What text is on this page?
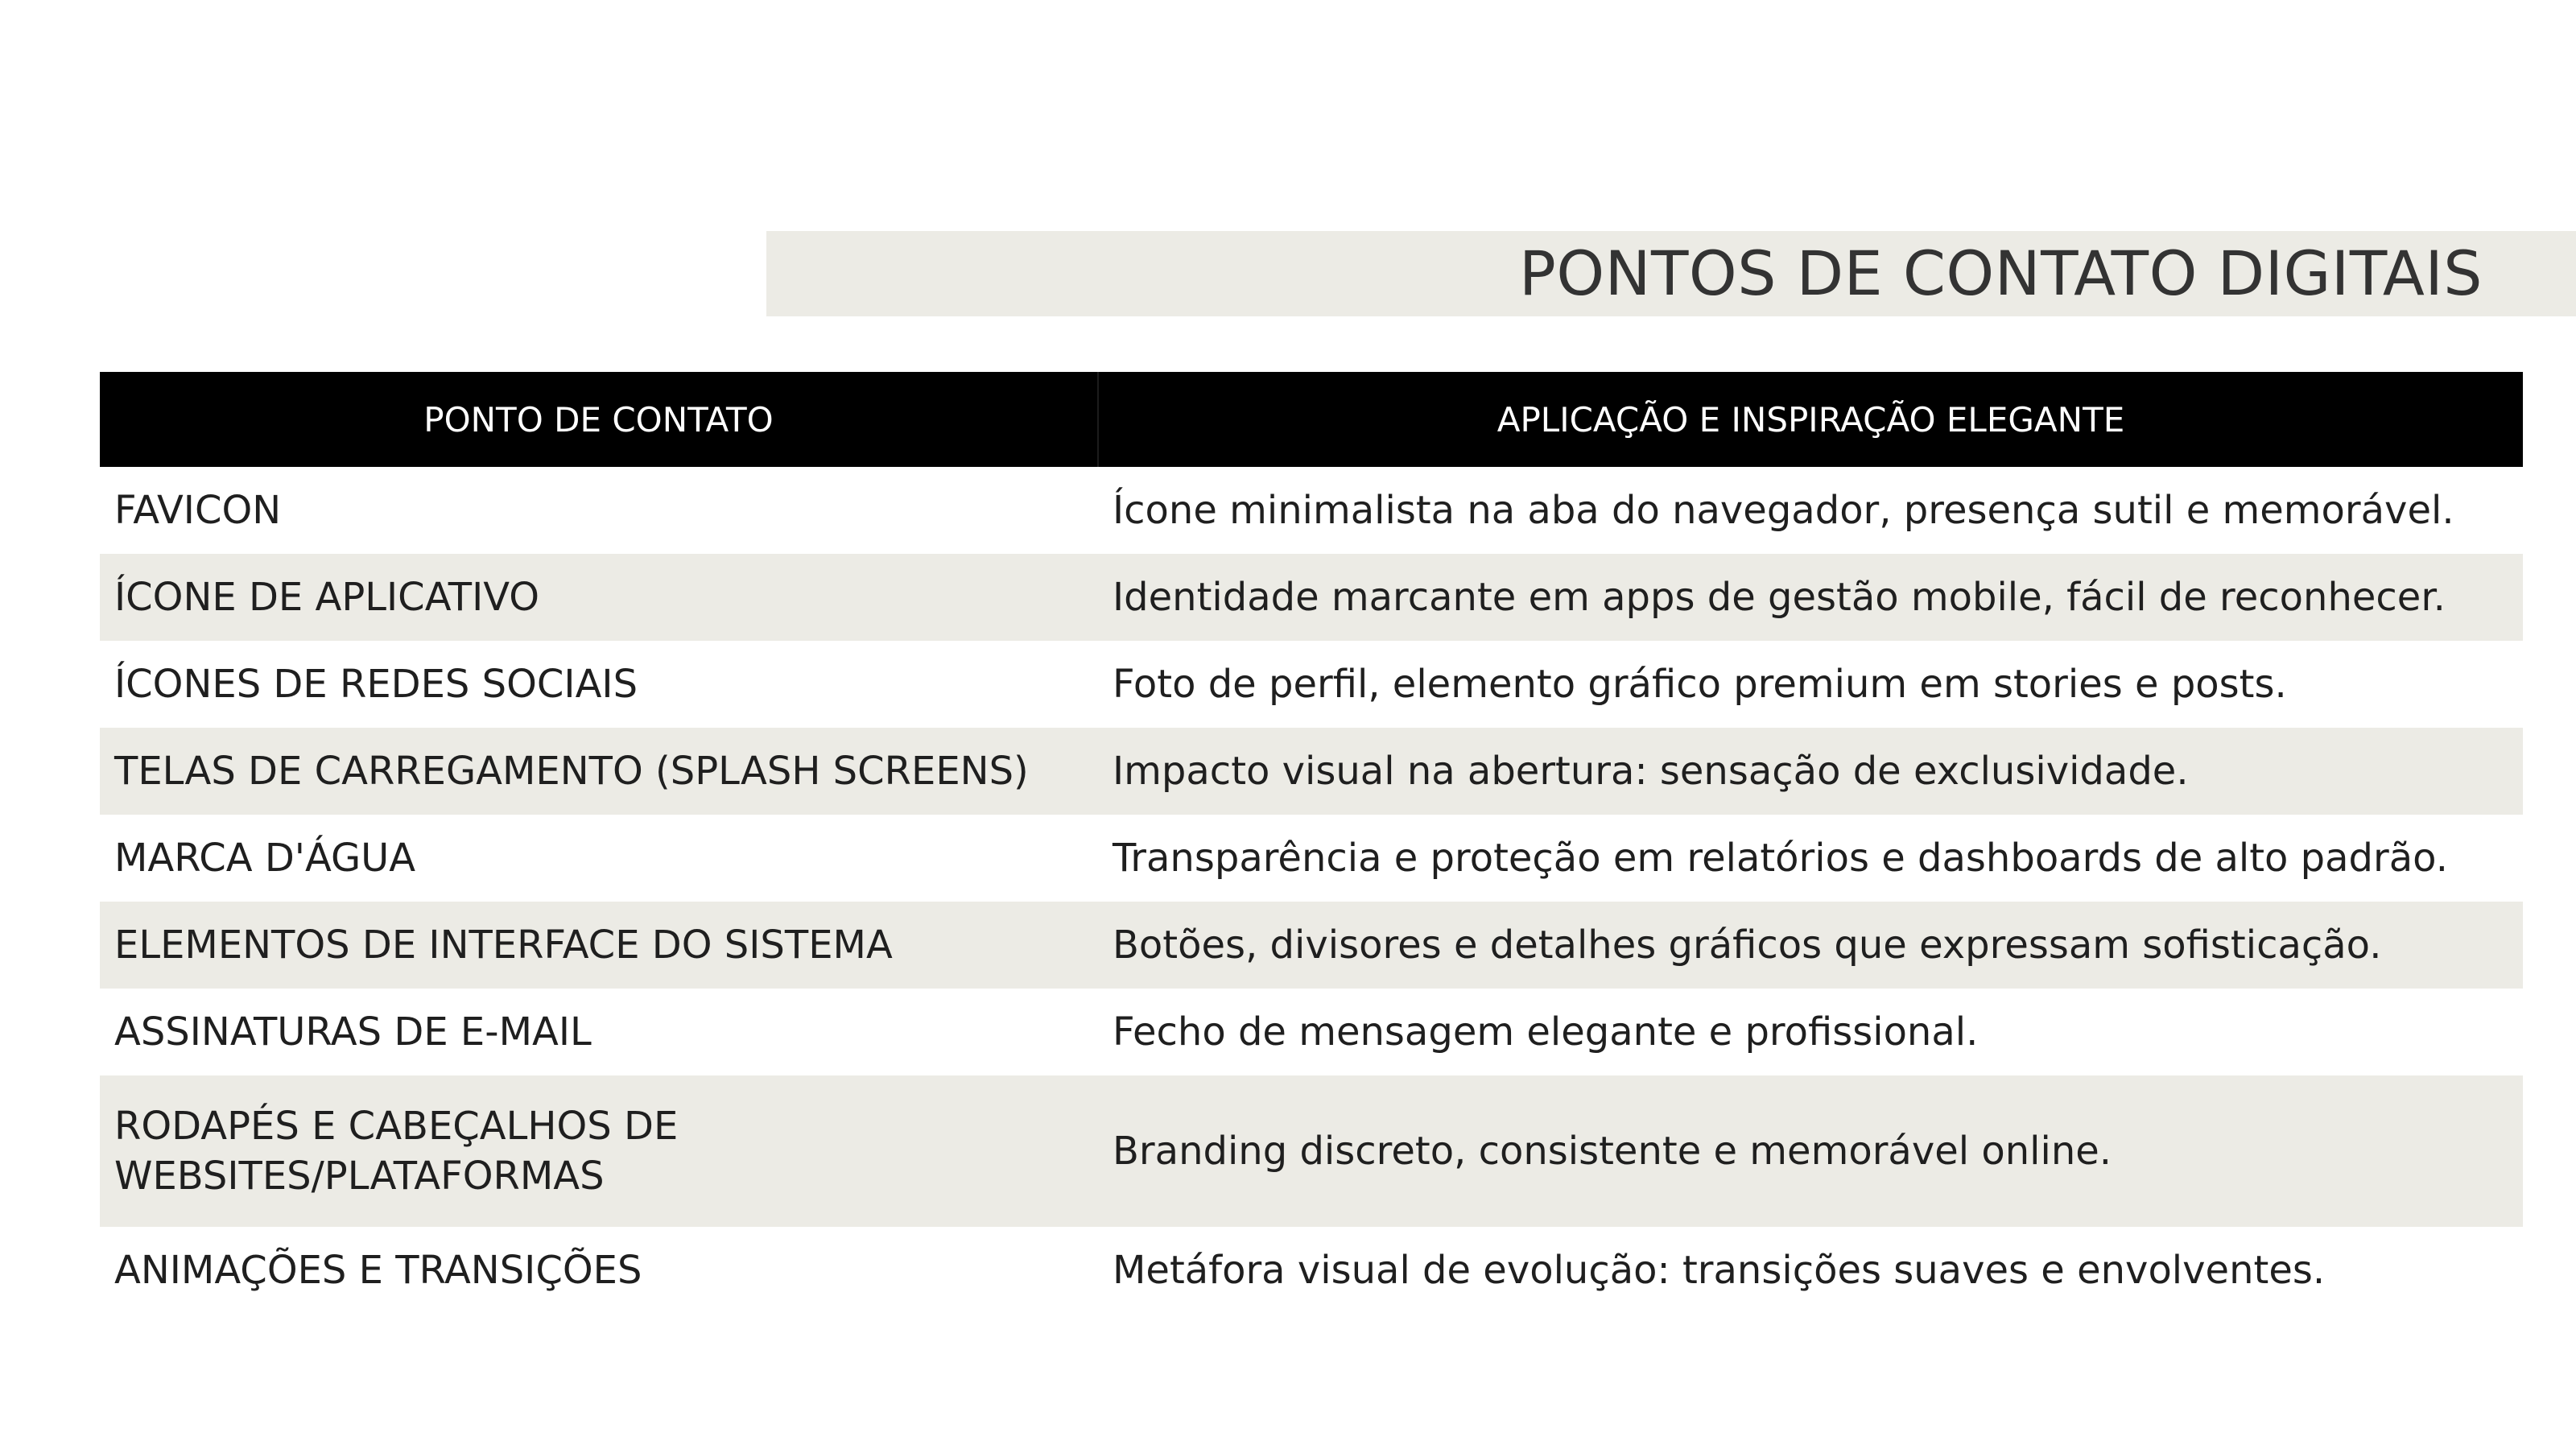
PONTOS DE CONTATO DIGITAIS
PONTO DE CONTATO	APLICAÇÃO E INSPIRAÇÃO ELEGANTE
FAVICON	Ícone minimalista na aba do navegador, presença sutil e memorável.
ÍCONE DE APLICATIVO	Identidade marcante em apps de gestão mobile, fácil de reconhecer.
ÍCONES DE REDES SOCIAIS	Foto de perfil, elemento gráfico premium em stories e posts.
TELAS DE CARREGAMENTO (SPLASH SCREENS)	Impacto visual na abertura: sensação de exclusividade.
MARCA D'ÁGUA	Transparência e proteção em relatórios e dashboards de alto padrão.
ELEMENTOS DE INTERFACE DO SISTEMA	Botões, divisores e detalhes gráficos que expressam sofisticação.
ASSINATURAS DE E-MAIL	Fecho de mensagem elegante e profissional.
RODAPÉS E CABEÇALHOS DE WEBSITES/PLATAFORMAS	Branding discreto, consistente e memorável online.
ANIMAÇÕES E TRANSIÇÕES	Metáfora visual de evolução: transições suaves e envolventes.
